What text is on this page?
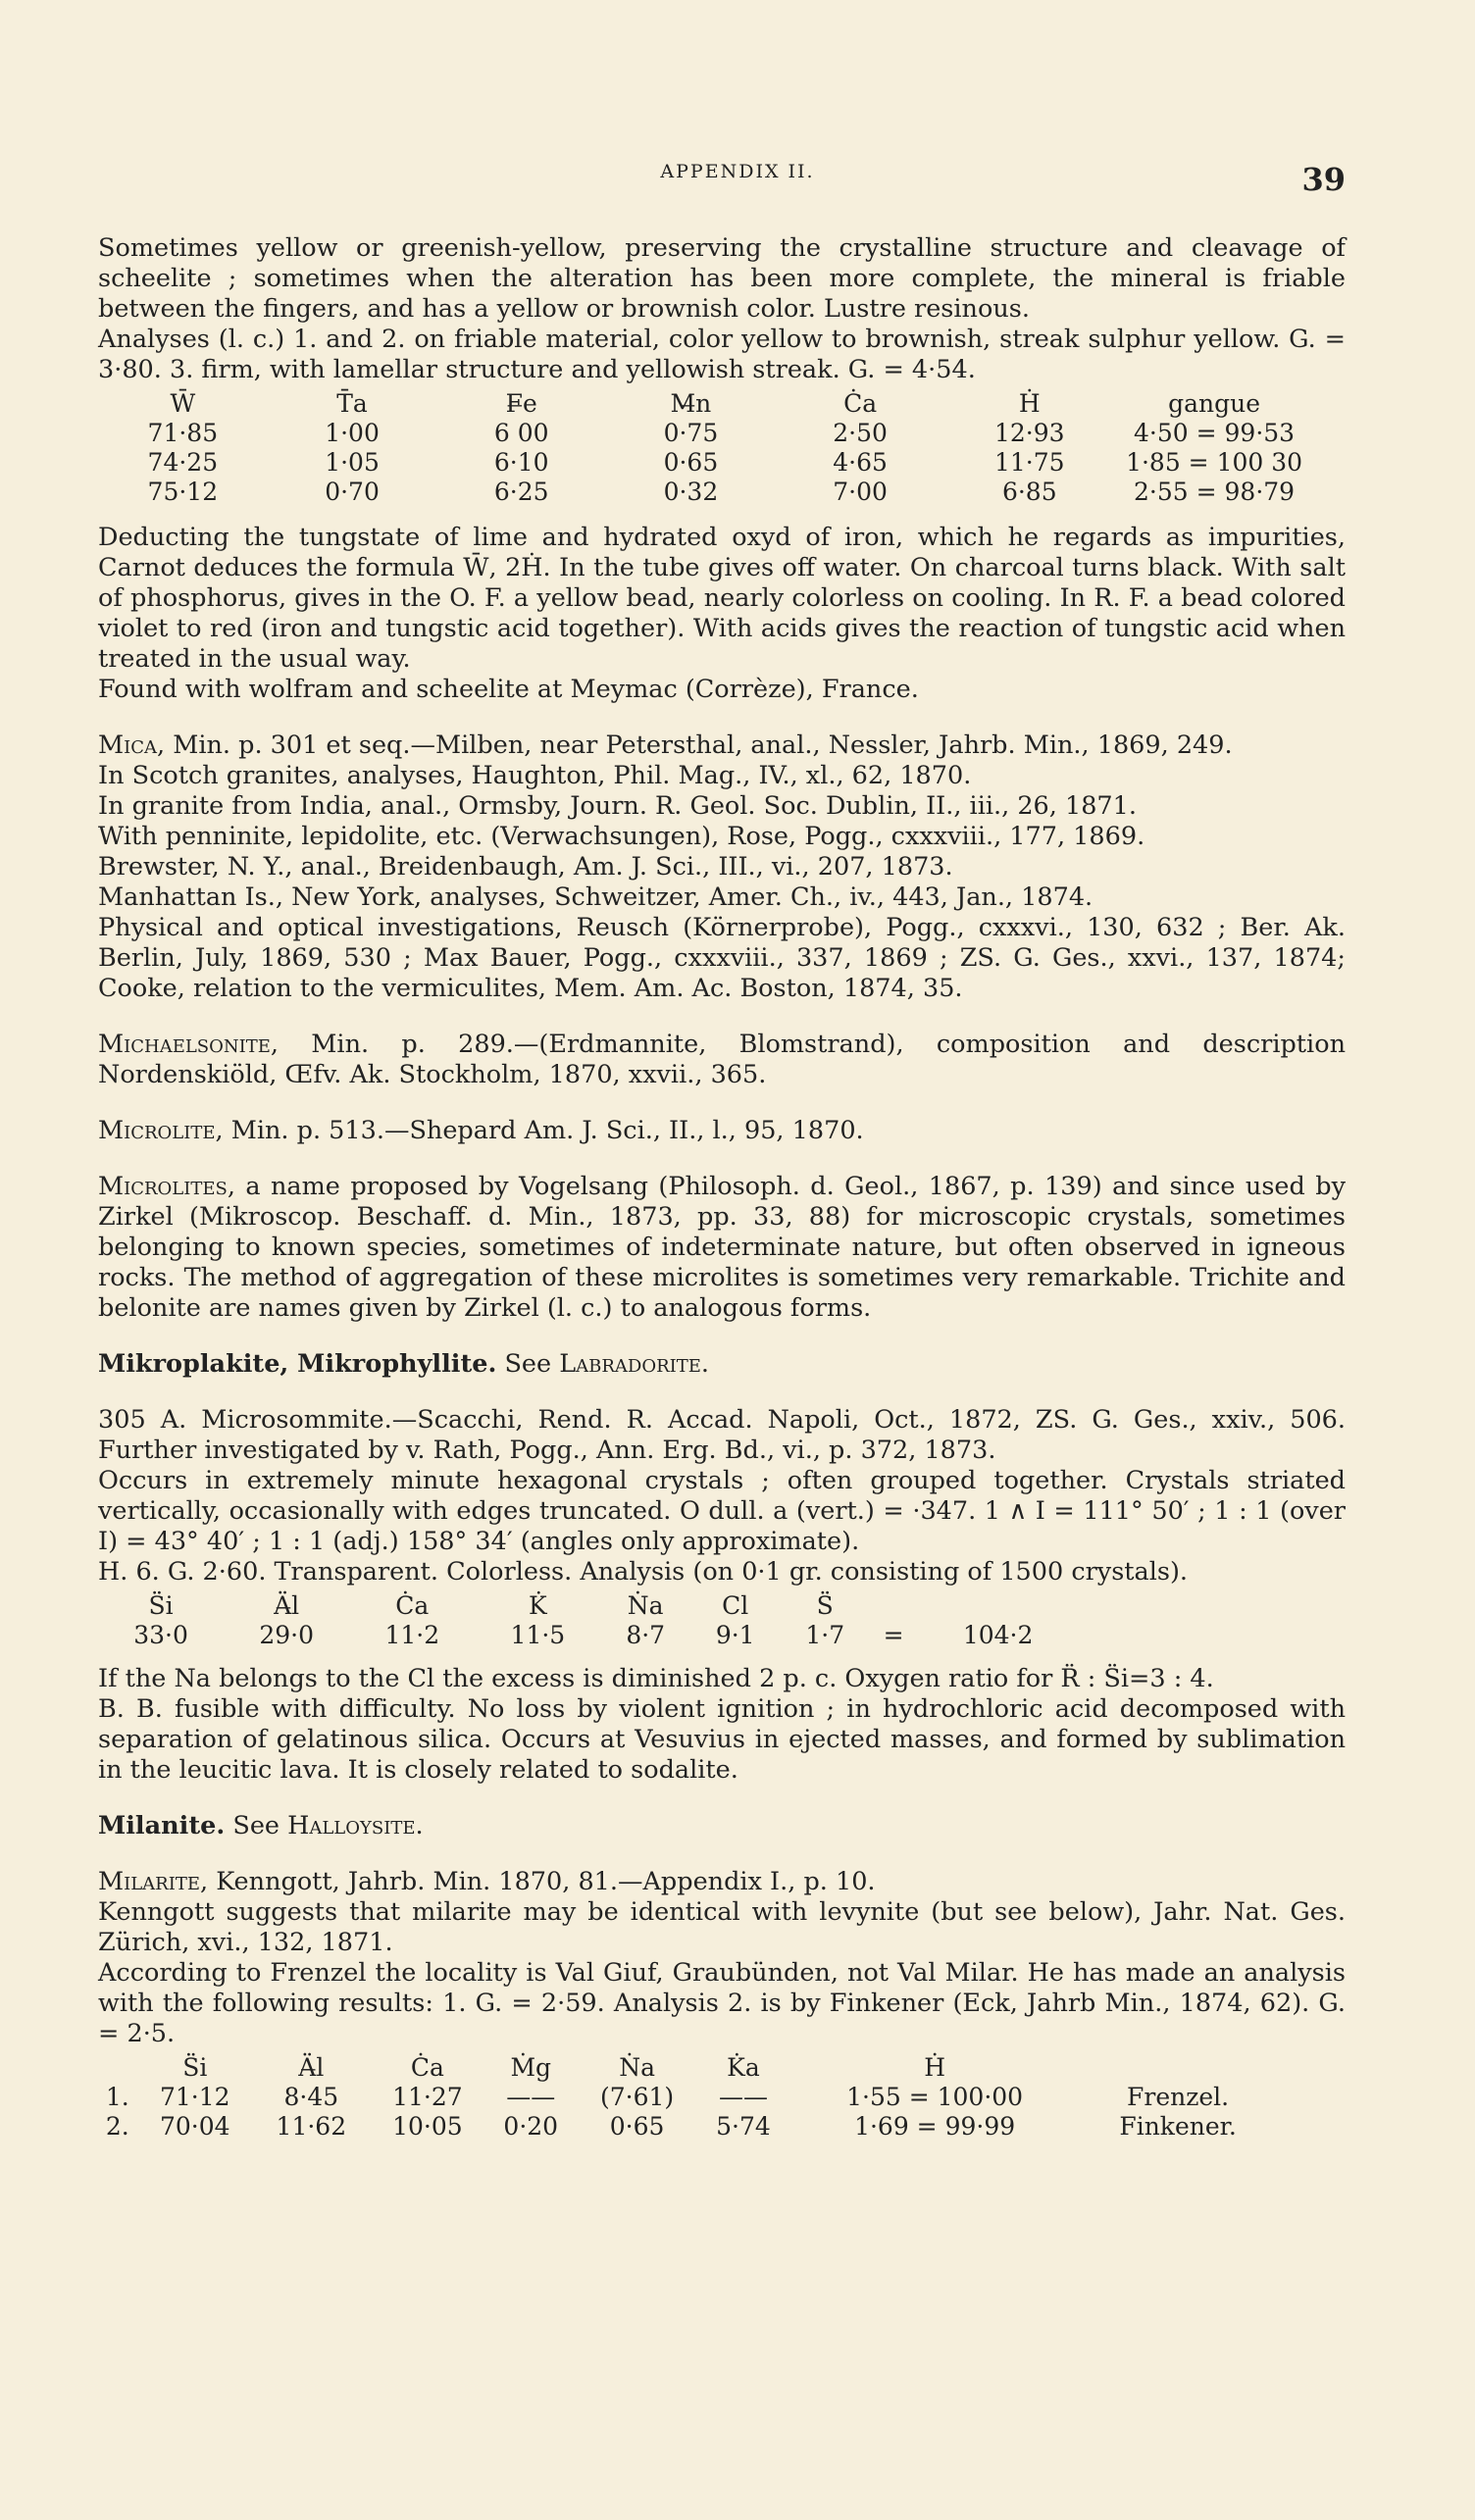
APPENDIX II.	39

Sometimes yellow or greenish-yellow, preserving the crystalline structure and cleavage of scheelite ; sometimes when the alteration has been more complete, the mineral is friable between the fingers, and has a yellow or brownish color. Lustre resinous.

Analyses (l. c.) 1. and 2. on friable material, color yellow to brownish, streak sulphur yellow. G. = 3·80. 3. firm, with lamellar structure and yellowish streak. G. = 4·54.

W̄	T̄a	F̶e	M̶n	Ċa	Ḣ	gangue
71·85	1·00	6 00	0·75	2·50	12·93	4·50 = 99·53
74·25	1·05	6·10	0·65	4·65	11·75	1·85 = 100 30
75·12	0·70	6·25	0·32	7·00	6·85	2·55 = 98·79

Deducting the tungstate of lime and hydrated oxyd of iron, which he regards as impurities, Carnot deduces the formula W̄, 2Ḣ. In the tube gives off water. On charcoal turns black. With salt of phosphorus, gives in the O. F. a yellow bead, nearly colorless on cooling. In R. F. a bead colored violet to red (iron and tungstic acid together). With acids gives the reaction of tungstic acid when treated in the usual way.

Found with wolfram and scheelite at Meymac (Corrèze), France.

Mica, Min. p. 301 et seq.—Milben, near Petersthal, anal., Nessler, Jahrb. Min., 1869, 249.

In Scotch granites, analyses, Haughton, Phil. Mag., IV., xl., 62, 1870.

In granite from India, anal., Ormsby, Journ. R. Geol. Soc. Dublin, II., iii., 26, 1871.

With penninite, lepidolite, etc. (Verwachsungen), Rose, Pogg., cxxxviii., 177, 1869.

Brewster, N. Y., anal., Breidenbaugh, Am. J. Sci., III., vi., 207, 1873.

Manhattan Is., New York, analyses, Schweitzer, Amer. Ch., iv., 443, Jan., 1874.

Physical and optical investigations, Reusch (Körnerprobe), Pogg., cxxxvi., 130, 632 ; Ber. Ak. Berlin, July, 1869, 530 ; Max Bauer, Pogg., cxxxviii., 337, 1869 ; ZS. G. Ges., xxvi., 137, 1874; Cooke, relation to the vermiculites, Mem. Am. Ac. Boston, 1874, 35.

Michaelsonite, Min. p. 289.—(Erdmannite, Blomstrand), composition and description Nordenskiöld, Œfv. Ak. Stockholm, 1870, xxvii., 365.

Microlite, Min. p. 513.—Shepard Am. J. Sci., II., l., 95, 1870.

Microlites, a name proposed by Vogelsang (Philosoph. d. Geol., 1867, p. 139) and since used by Zirkel (Mikroscop. Beschaff. d. Min., 1873, pp. 33, 88) for microscopic crystals, sometimes belonging to known species, sometimes of indeterminate nature, but often observed in igneous rocks. The method of aggregation of these microlites is sometimes very remarkable. Trichite and belonite are names given by Zirkel (l. c.) to analogous forms.

Mikroplakite, Mikrophyllite. See Labradorite.

305 A. Microsommite.—Scacchi, Rend. R. Accad. Napoli, Oct., 1872, ZS. G. Ges., xxiv., 506. Further investigated by v. Rath, Pogg., Ann. Erg. Bd., vi., p. 372, 1873.

Occurs in extremely minute hexagonal crystals ; often grouped together. Crystals striated vertically, occasionally with edges truncated. O dull. a (vert.) = ·347. 1 ∧ I = 111° 50′ ; 1 : 1 (over I) = 43° 40′ ; 1 : 1 (adj.) 158° 34′ (angles only approximate).

H. 6. G. 2·60. Transparent. Colorless. Analysis (on 0·1 gr. consisting of 1500 crystals).

S̈i	Ä̶l	Ċa	K̇	Ṅa	Cl	S̈		
33·0	29·0	11·2	11·5	8·7	9·1	1·7	=	104·2

If the Na belongs to the Cl the excess is diminished 2 p. c. Oxygen ratio for R̈ : S̈i=3 : 4.

B. B. fusible with difficulty. No loss by violent ignition ; in hydrochloric acid decomposed with separation of gelatinous silica. Occurs at Vesuvius in ejected masses, and formed by sublimation in the leucitic lava. It is closely related to sodalite.

Milanite. See Halloysite.

Milarite, Kenngott, Jahrb. Min. 1870, 81.—Appendix I., p. 10.

Kenngott suggests that milarite may be identical with levynite (but see below), Jahr. Nat. Ges. Zürich, xvi., 132, 1871.

According to Frenzel the locality is Val Giuf, Graubünden, not Val Milar. He has made an analysis with the following results: 1. G. = 2·59. Analysis 2. is by Finkener (Eck, Jahrb Min., 1874, 62). G. = 2·5.

	S̈i	Ä̶l	Ċa	Ṁg	Ṅa	K̇a	Ḣ	
1.	71·12	8·45	11·27	——	(7·61)	——	1·55 = 100·00	Frenzel.
2.	70·04	11·62	10·05	0·20	0·65	5·74	1·69 = 99·99	Finkener.
